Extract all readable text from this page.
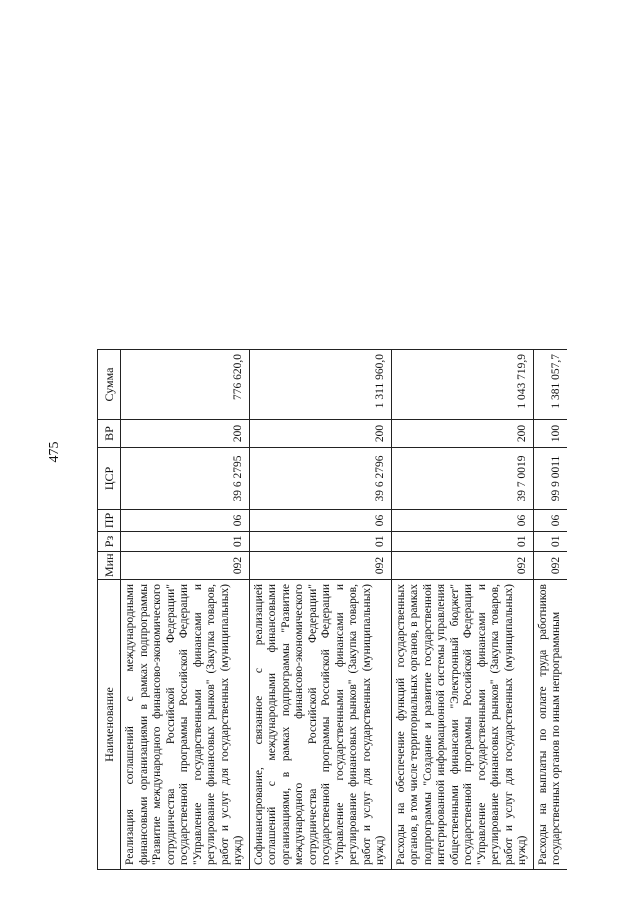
475
Наименование	Мин	Рз	ПР	ЦСР	ВР	Сумма
Реализация соглашений с международными финансовыми организациями в рамках подпрограммы "Развитие международного финансово-экономического сотрудничества Российской Федерации" государственной программы Российской Федерации "Управление государственными финансами и регулирование финансовых рынков" (Закупка товаров, работ и услуг для государственных (муниципальных) нужд)	092	01	06	39 6 2795	200	776 620,0
Софинансирование, связанное с реализацией соглашений с международными финансовыми организациями, в рамках подпрограммы "Развитие международного финансово-экономического сотрудничества Российской Федерации" государственной программы Российской Федерации "Управление государственными финансами и регулирование финансовых рынков" (Закупка товаров, работ и услуг для государственных (муниципальных) нужд)	092	01	06	39 6 2796	200	1 311 960,0
Расходы на обеспечение функций государственных органов, в том числе территориальных органов, в рамках подпрограммы "Создание и развитие государственной интегрированной информационной системы управления общественными финансами "Электронный бюджет" государственной программы Российской Федерации "Управление государственными финансами и регулирование финансовых рынков" (Закупка товаров, работ и услуг для государственных (муниципальных) нужд)	092	01	06	39 7 0019	200	1 043 719,9
Расходы на выплаты по оплате труда работников государственных органов по иным непрограммным	092	01	06	99 9 0011	100	1 381 057,7
